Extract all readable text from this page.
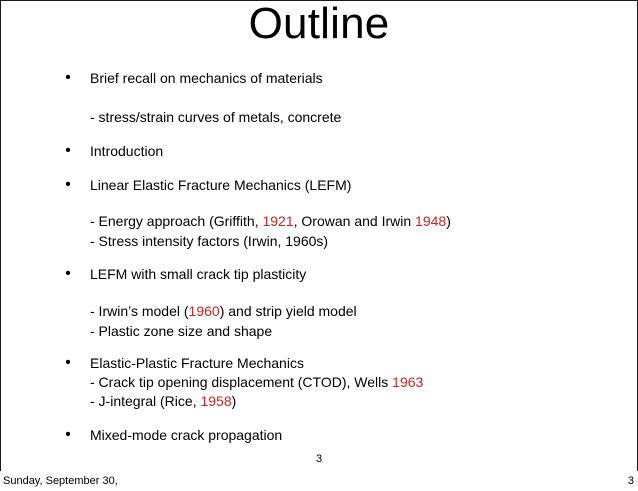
Outline
• Brief recall on mechanics of materials
- stress/strain curves of metals, concrete
• Introduction
• Linear Elastic Fracture Mechanics (LEFM)
- Energy approach (Griffith, 1921, Orowan and Irwin 1948)
- Stress intensity factors (Irwin, 1960s)
• LEFM with small crack tip plasticity
- Irwin’s model (1960) and strip yield model
- Plastic zone size and shape
• Elastic-Plastic Fracture Mechanics
- Crack tip opening displacement (CTOD), Wells 1963
- J-integral (Rice, 1958)
• Mixed-mode crack propagation
3
Sunday, September 30,	3
